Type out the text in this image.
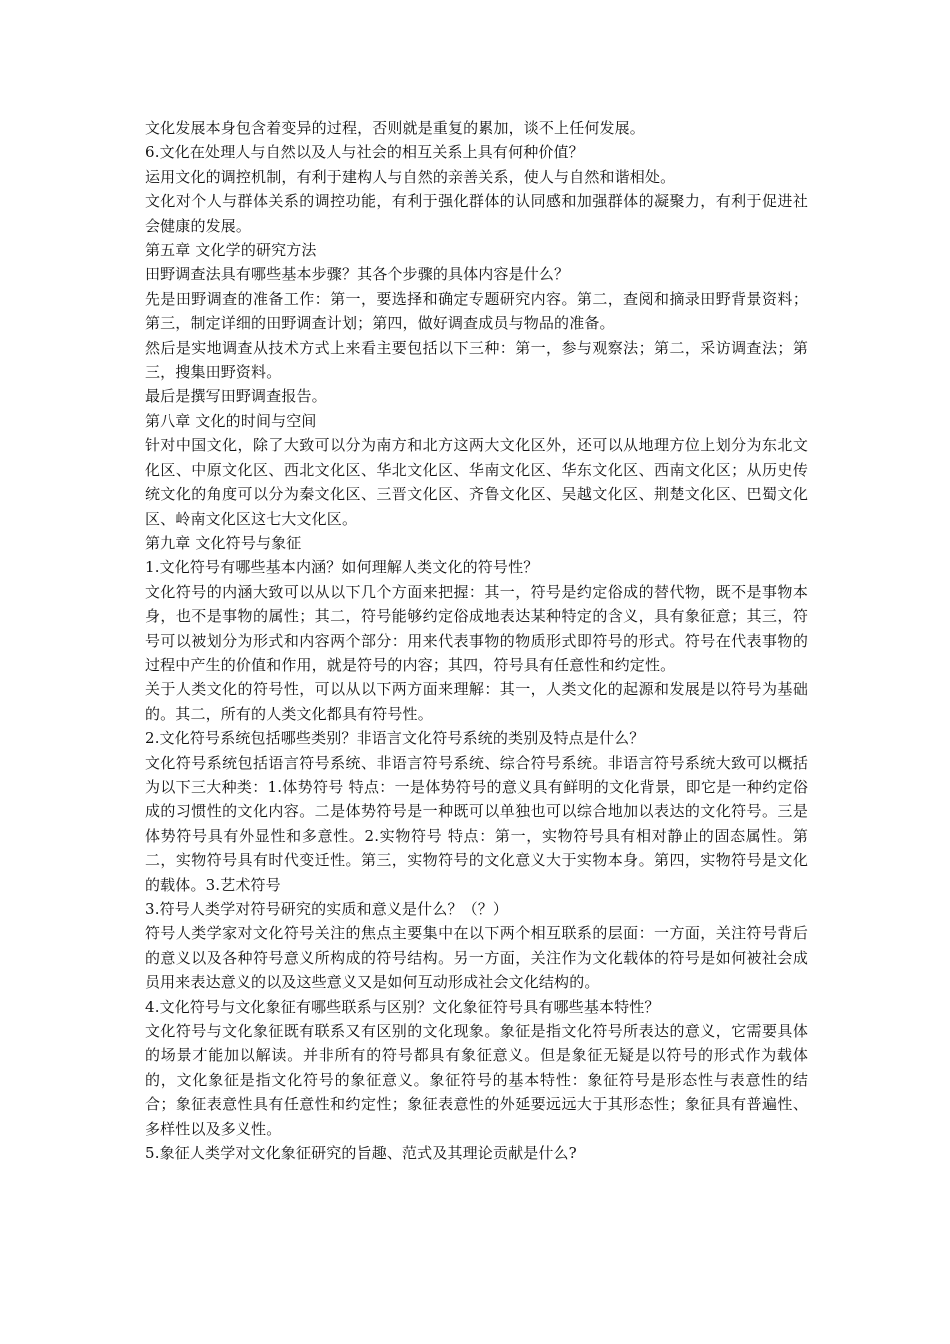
文化发展本身包含着变异的过程，否则就是重复的累加，谈不上任何发展。

6.文化在处理人与自然以及人与社会的相互关系上具有何种价值？

运用文化的调控机制，有利于建构人与自然的亲善关系，使人与自然和谐相处。

文化对个人与群体关系的调控功能，有利于强化群体的认同感和加强群体的凝聚力，有利于促进社会健康的发展。

第五章 文化学的研究方法

田野调查法具有哪些基本步骤？其各个步骤的具体内容是什么？

先是田野调查的准备工作：第一，要选择和确定专题研究内容。第二，查阅和摘录田野背景资料；第三，制定详细的田野调查计划；第四，做好调查成员与物品的准备。

然后是实地调查从技术方式上来看主要包括以下三种：第一，参与观察法；第二，采访调查法；第三，搜集田野资料。

最后是撰写田野调查报告。

第八章 文化的时间与空间

针对中国文化，除了大致可以分为南方和北方这两大文化区外，还可以从地理方位上划分为东北文化区、中原文化区、西北文化区、华北文化区、华南文化区、华东文化区、西南文化区；从历史传统文化的角度可以分为秦文化区、三晋文化区、齐鲁文化区、吴越文化区、荆楚文化区、巴蜀文化区、岭南文化区这七大文化区。

第九章 文化符号与象征

1.文化符号有哪些基本内涵？如何理解人类文化的符号性？

文化符号的内涵大致可以从以下几个方面来把握：其一，符号是约定俗成的替代物，既不是事物本身，也不是事物的属性；其二，符号能够约定俗成地表达某种特定的含义，具有象征意；其三，符号可以被划分为形式和内容两个部分：用来代表事物的物质形式即符号的形式。符号在代表事物的过程中产生的价值和作用，就是符号的内容；其四，符号具有任意性和约定性。

关于人类文化的符号性，可以从以下两方面来理解：其一，人类文化的起源和发展是以符号为基础的。其二，所有的人类文化都具有符号性。

2.文化符号系统包括哪些类别？非语言文化符号系统的类别及特点是什么？

文化符号系统包括语言符号系统、非语言符号系统、综合符号系统。非语言符号系统大致可以概括为以下三大种类：1.体势符号 特点：一是体势符号的意义具有鲜明的文化背景，即它是一种约定俗成的习惯性的文化内容。二是体势符号是一种既可以单独也可以综合地加以表达的文化符号。三是体势符号具有外显性和多意性。2.实物符号 特点：第一，实物符号具有相对静止的固态属性。第二，实物符号具有时代变迁性。第三，实物符号的文化意义大于实物本身。第四，实物符号是文化的载体。3.艺术符号

3.符号人类学对符号研究的实质和意义是什么？（？）

符号人类学家对文化符号关注的焦点主要集中在以下两个相互联系的层面：一方面，关注符号背后的意义以及各种符号意义所构成的符号结构。另一方面，关注作为文化载体的符号是如何被社会成员用来表达意义的以及这些意义又是如何互动形成社会文化结构的。

4.文化符号与文化象征有哪些联系与区别？文化象征符号具有哪些基本特性？

文化符号与文化象征既有联系又有区别的文化现象。象征是指文化符号所表达的意义，它需要具体的场景才能加以解读。并非所有的符号都具有象征意义。但是象征无疑是以符号的形式作为载体的，文化象征是指文化符号的象征意义。象征符号的基本特性：象征符号是形态性与表意性的结合；象征表意性具有任意性和约定性；象征表意性的外延要远远大于其形态性；象征具有普遍性、多样性以及多义性。

5.象征人类学对文化象征研究的旨趣、范式及其理论贡献是什么?
